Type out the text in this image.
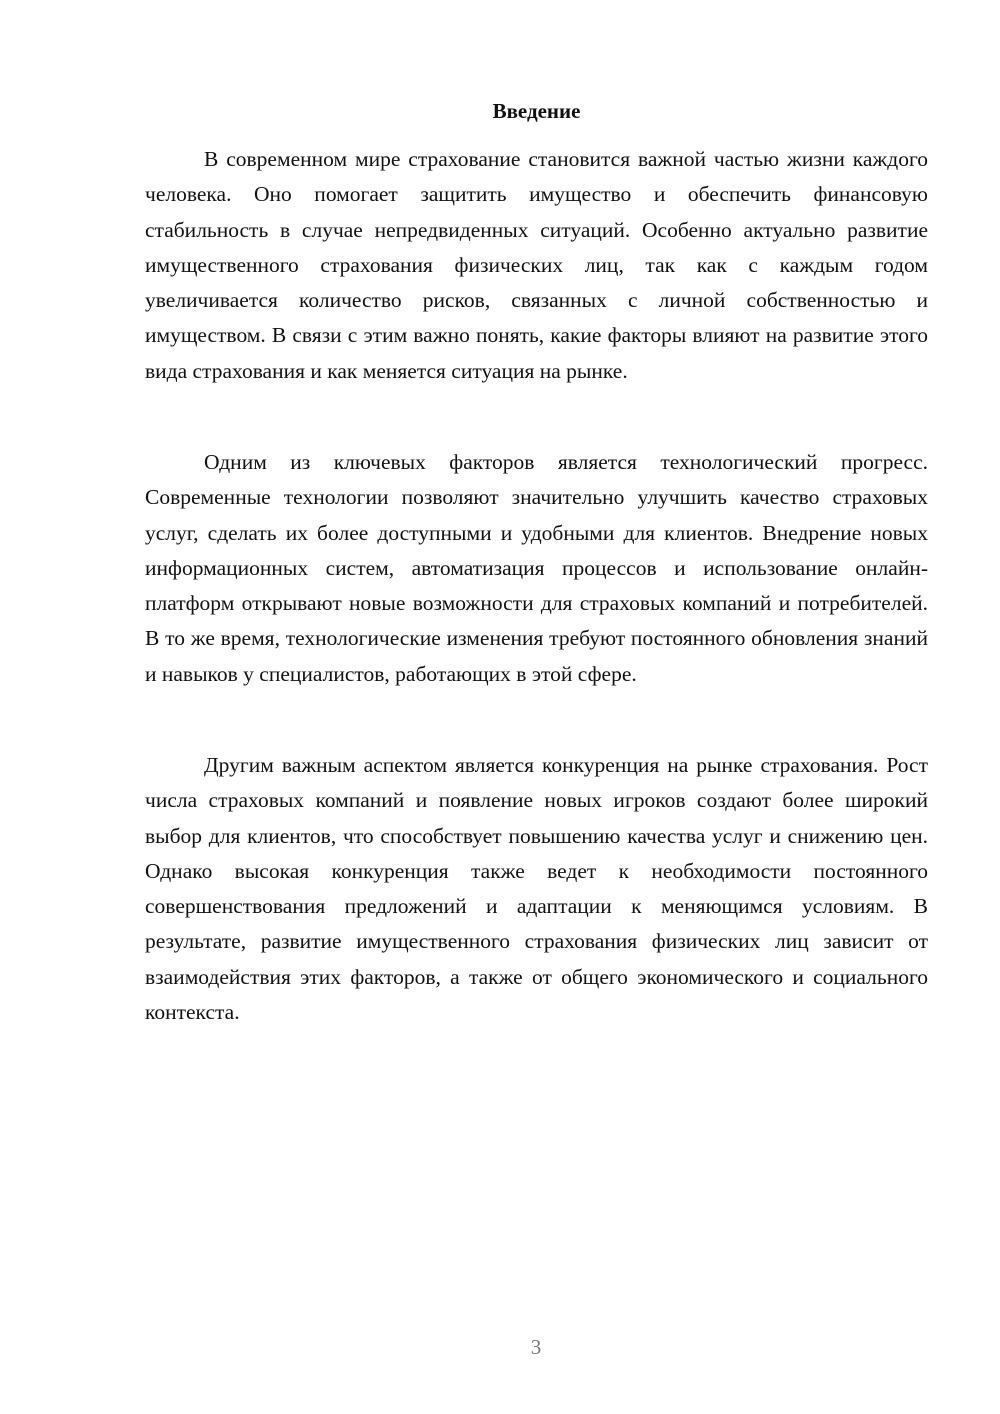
Введение

В современном мире страхование становится важной частью жизни каждого человека. Оно помогает защитить имущество и обеспечить финансовую стабильность в случае непредвиденных ситуаций. Особенно актуально развитие имущественного страхования физических лиц, так как с каждым годом увеличивается количество рисков, связанных с личной собственностью и имуществом. В связи с этим важно понять, какие факторы влияют на развитие этого вида страхования и как меняется ситуация на рынке.

Одним из ключевых факторов является технологический прогресс. Современные технологии позволяют значительно улучшить качество страховых услуг, сделать их более доступными и удобными для клиентов. Внедрение новых информационных систем, автоматизация процессов и использование онлайн-платформ открывают новые возможности для страховых компаний и потребителей. В то же время, технологические изменения требуют постоянного обновления знаний и навыков у специалистов, работающих в этой сфере.

Другим важным аспектом является конкуренция на рынке страхования. Рост числа страховых компаний и появление новых игроков создают более широкий выбор для клиентов, что способствует повышению качества услуг и снижению цен. Однако высокая конкуренция также ведет к необходимости постоянного совершенствования предложений и адаптации к меняющимся условиям. В результате, развитие имущественного страхования физических лиц зависит от взаимодействия этих факторов, а также от общего экономического и социального контекста.

3
